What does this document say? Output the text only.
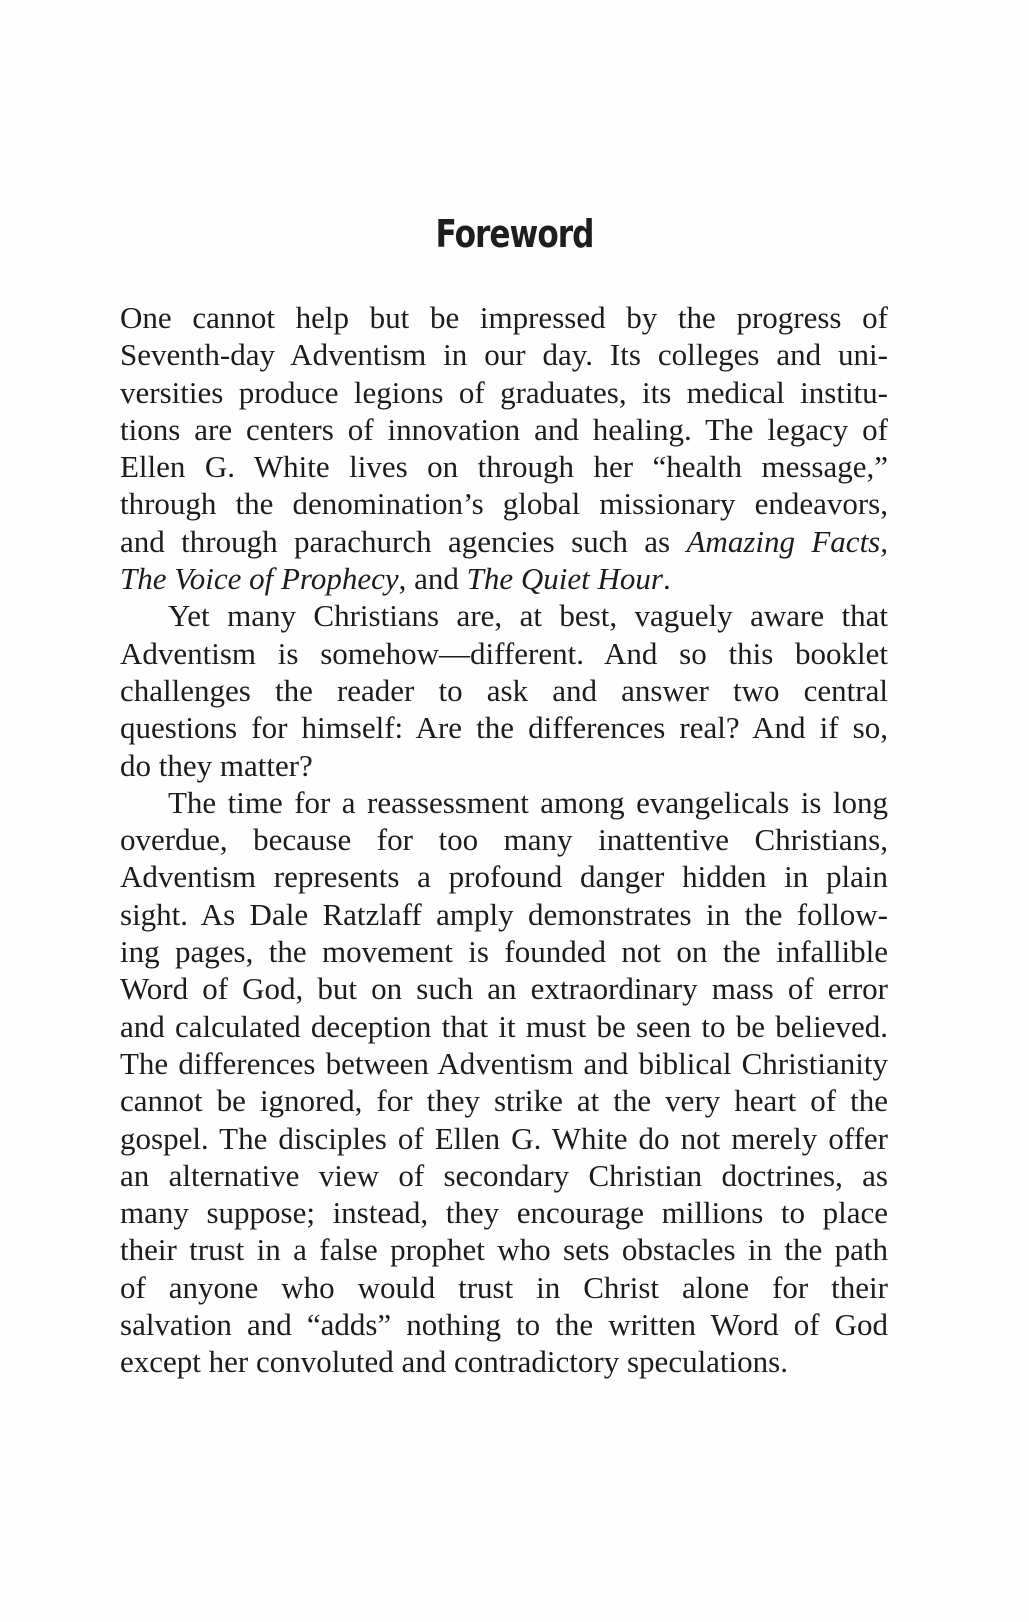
Foreword
One cannot help but be impressed by the progress of
Seventh-day Adventism in our day. Its colleges and uni-
versities produce legions of graduates, its medical institu-
tions are centers of innovation and healing. The legacy of
Ellen G. White lives on through her “health message,”
through the denomination’s global missionary endeavors,
and through parachurch agencies such as Amazing Facts,
The Voice of Prophecy, and The Quiet Hour.
Yet many Christians are, at best, vaguely aware that
Adventism is somehow—different. And so this booklet
challenges the reader to ask and answer two central
questions for himself: Are the differences real? And if so,
do they matter?
The time for a reassessment among evangelicals is long
overdue, because for too many inattentive Christians,
Adventism represents a profound danger hidden in plain
sight. As Dale Ratzlaff amply demonstrates in the follow-
ing pages, the movement is founded not on the infallible
Word of God, but on such an extraordinary mass of error
and calculated deception that it must be seen to be believed.
The differences between Adventism and biblical Christianity
cannot be ignored, for they strike at the very heart of the
gospel. The disciples of Ellen G. White do not merely offer
an alternative view of secondary Christian doctrines, as
many suppose; instead, they encourage millions to place
their trust in a false prophet who sets obstacles in the path
of anyone who would trust in Christ alone for their
salvation and “adds” nothing to the written Word of God
except her convoluted and contradictory speculations.
